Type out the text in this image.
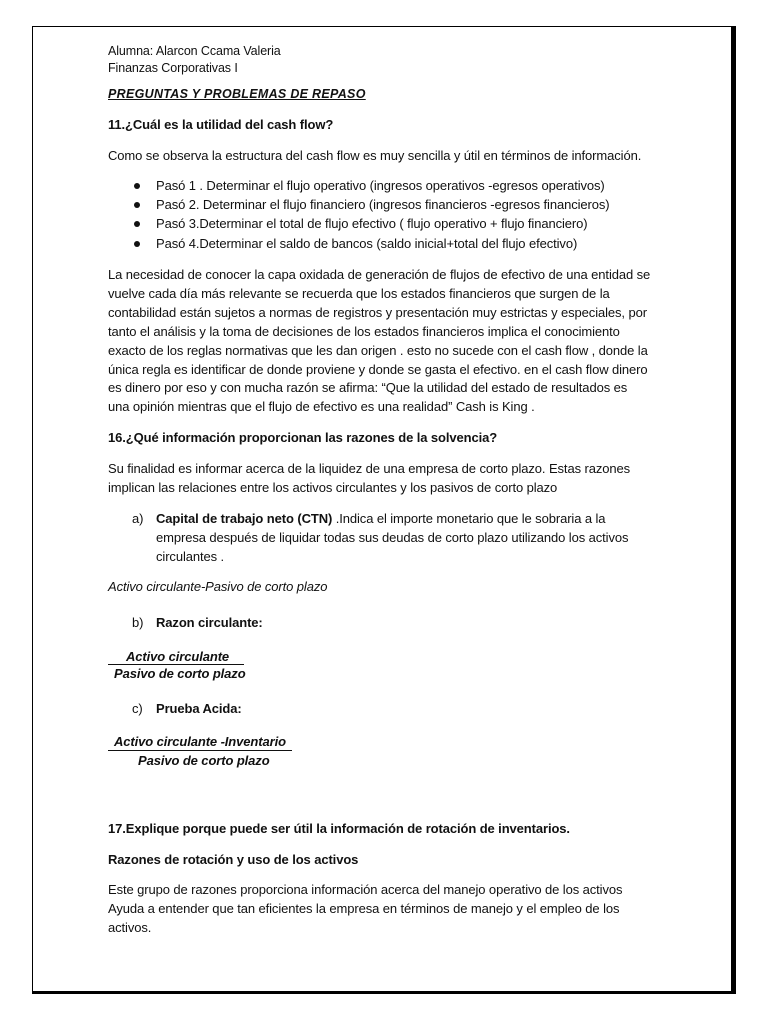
Alumna: Alarcon Ccama Valeria
Finanzas Corporativas I
PREGUNTAS Y PROBLEMAS DE REPASO
11.¿Cuál es la utilidad del cash flow?
Como se observa la estructura del cash flow es muy sencilla y útil en términos de información.
Pasó 1 . Determinar el flujo operativo (ingresos operativos -egresos operativos)
Pasó 2. Determinar el flujo financiero (ingresos financieros -egresos financieros)
Pasó 3.Determinar el total de flujo efectivo ( flujo operativo + flujo financiero)
Pasó 4.Determinar el saldo de bancos (saldo inicial+total del flujo efectivo)
La necesidad de conocer la capa oxidada de generación de flujos de efectivo de una entidad se
vuelve cada día más relevante se recuerda que los estados financieros que surgen de la
contabilidad están sujetos a normas de registros y presentación muy estrictas y especiales, por
tanto el análisis y la toma de decisiones de los estados financieros implica el conocimiento
exacto de los reglas normativas que les dan origen . esto no sucede con el cash flow , donde la
única regla es identificar de donde proviene y donde se gasta el efectivo. en el cash flow dinero
es dinero por eso y con mucha razón se afirma: “Que la utilidad del estado de resultados es
una opinión mientras que el flujo de efectivo es una realidad” Cash is King .
16.¿Qué información proporcionan las razones de la solvencia?
Su finalidad es informar acerca de la liquidez de una empresa de corto plazo. Estas razones
implican las relaciones entre los activos circulantes y los pasivos de corto plazo
a) Capital de trabajo neto (CTN) .Indica el importe monetario que le sobraria a la
empresa después de liquidar todas sus deudas de corto plazo utilizando los activos
circulantes .
Activo circulante-Pasivo de corto plazo
b) Razon circulante:
Activo circulante
Pasivo de corto plazo
c) Prueba Acida:
Activo circulante -Inventario
Pasivo de corto plazo
17.Explique porque puede ser útil la información de rotación de inventarios.
Razones de rotación y uso de los activos
Este grupo de razones proporciona información acerca del manejo operativo de los activos
Ayuda a entender que tan eficientes la empresa en términos de manejo y el empleo de los
activos.
